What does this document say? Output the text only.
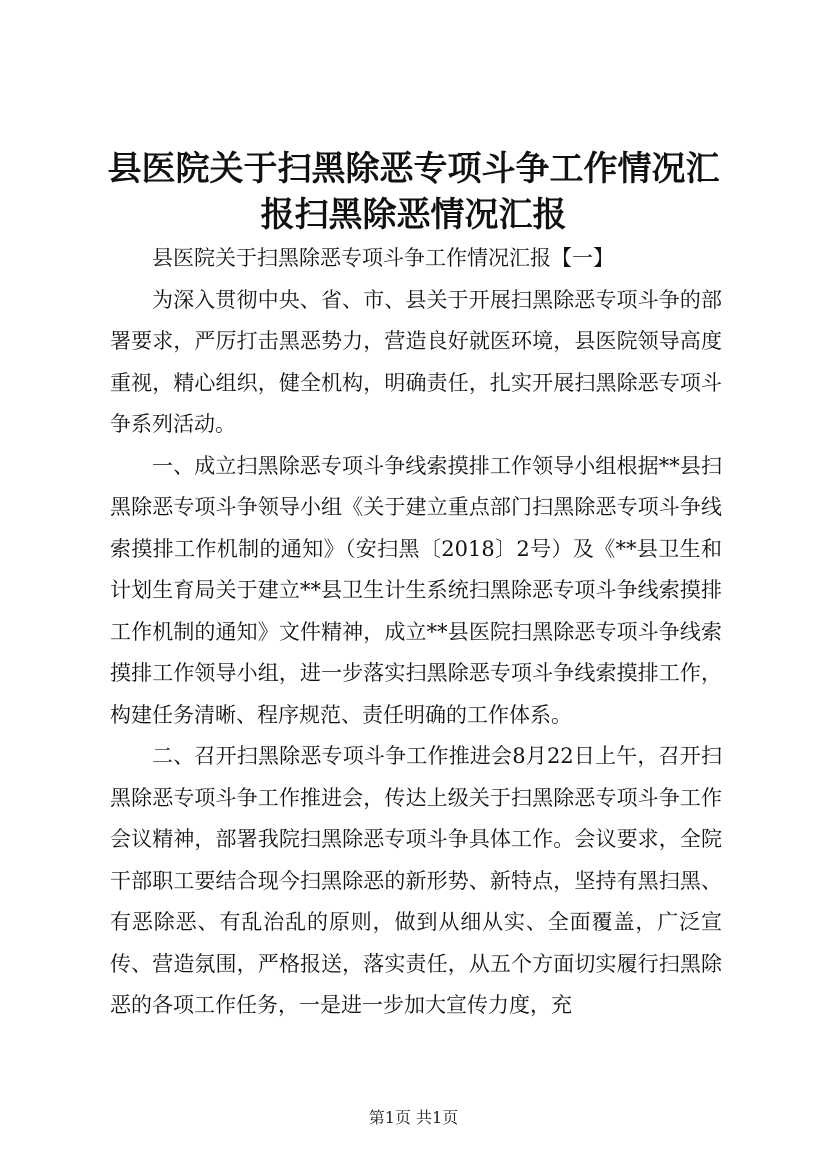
县医院关于扫黑除恶专项斗争工作情况汇报扫黑除恶情况汇报

县医院关于扫黑除恶专项斗争工作情况汇报【一】

为深入贯彻中央、省、市、县关于开展扫黑除恶专项斗争的部署要求，严厉打击黑恶势力，营造良好就医环境，县医院领导高度重视，精心组织，健全机构，明确责任，扎实开展扫黑除恶专项斗争系列活动。

一、成立扫黑除恶专项斗争线索摸排工作领导小组根据**县扫黑除恶专项斗争领导小组《关于建立重点部门扫黑除恶专项斗争线索摸排工作机制的通知》（安扫黑〔2018〕2号）及《**县卫生和计划生育局关于建立**县卫生计生系统扫黑除恶专项斗争线索摸排工作机制的通知》文件精神，成立**县医院扫黑除恶专项斗争线索摸排工作领导小组，进一步落实扫黑除恶专项斗争线索摸排工作，构建任务清晰、程序规范、责任明确的工作体系。

二、召开扫黑除恶专项斗争工作推进会8月22日上午，召开扫黑除恶专项斗争工作推进会，传达上级关于扫黑除恶专项斗争工作会议精神，部署我院扫黑除恶专项斗争具体工作。会议要求，全院干部职工要结合现今扫黑除恶的新形势、新特点，坚持有黑扫黑、有恶除恶、有乱治乱的原则，做到从细从实、全面覆盖，广泛宣传、营造氛围，严格报送，落实责任，从五个方面切实履行扫黑除恶的各项工作任务，一是进一步加大宣传力度，充

第1页 共1页
